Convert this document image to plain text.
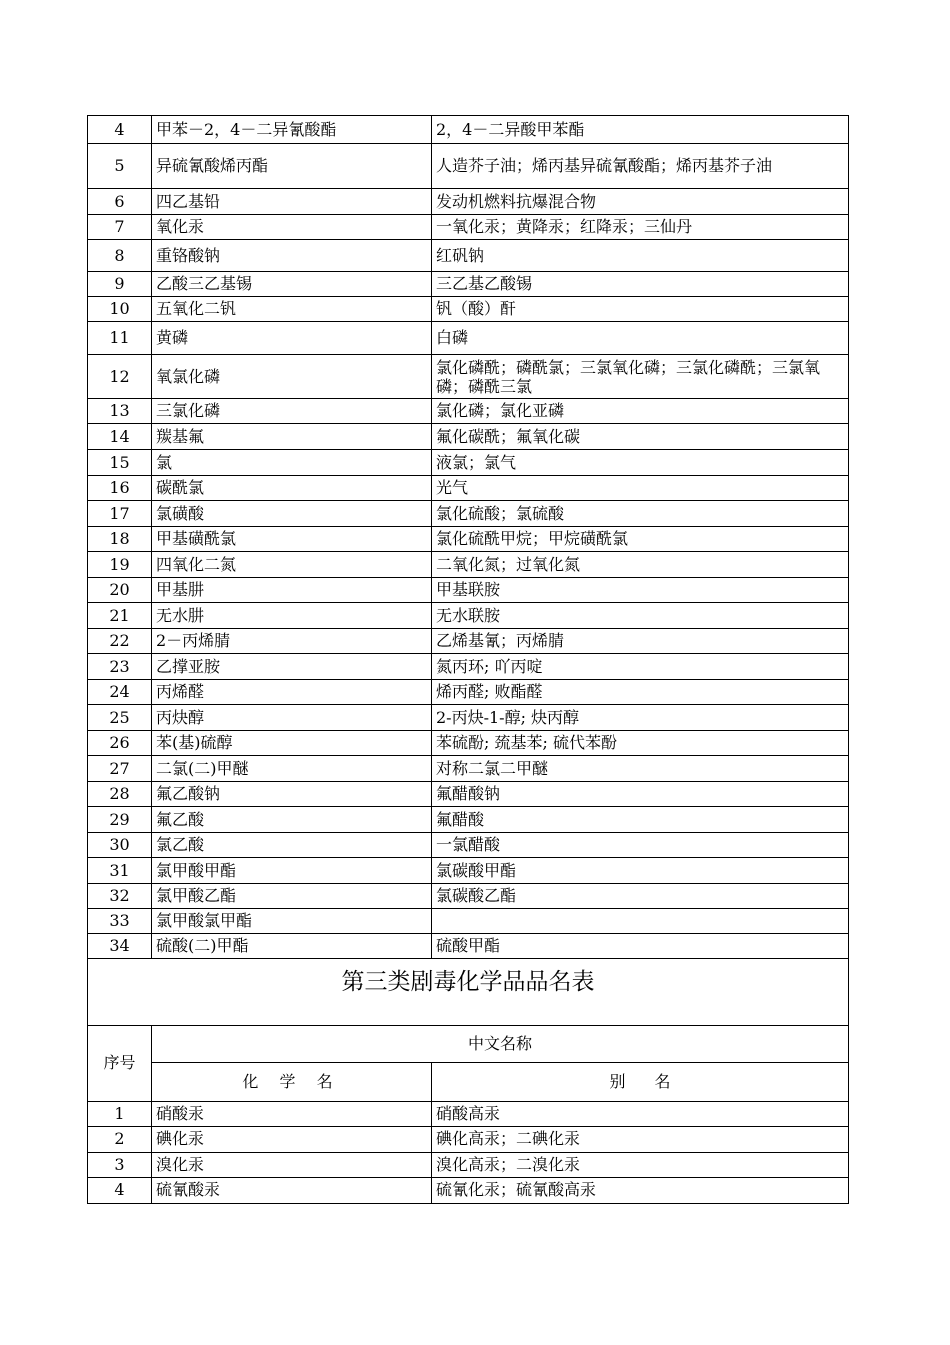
4	甲苯－2，4－二异氰酸酯	2，4－二异酸甲苯酯
5	异硫氰酸烯丙酯	人造芥子油；烯丙基异硫氰酸酯；烯丙基芥子油
6	四乙基铅	发动机燃料抗爆混合物
7	氧化汞	一氧化汞；黄降汞；红降汞；三仙丹
8	重铬酸钠	红矾钠
9	乙酸三乙基锡	三乙基乙酸锡
10	五氧化二钒	钒（酸）酐
11	黄磷	白磷
12	氧氯化磷	氯化磷酰；磷酰氯；三氯氧化磷；三氯化磷酰；三氯氧磷；磷酰三氯
13	三氯化磷	氯化磷；氯化亚磷
14	羰基氟	氟化碳酰；氟氧化碳
15	氯	液氯；氯气
16	碳酰氯	光气
17	氯磺酸	氯化硫酸；氯硫酸
18	甲基磺酰氯	氯化硫酰甲烷；甲烷磺酰氯
19	四氧化二氮	二氧化氮；过氧化氮
20	甲基肼	甲基联胺
21	无水肼	无水联胺
22	2－丙烯腈	乙烯基氰；丙烯腈
23	乙撑亚胺	氮丙环; 吖丙啶
24	丙烯醛	烯丙醛; 败酯醛
25	丙炔醇	2-丙炔-1-醇; 炔丙醇
26	苯(基)硫醇	苯硫酚; 巯基苯; 硫代苯酚
27	二氯(二)甲醚	对称二氯二甲醚
28	氟乙酸钠	氟醋酸钠
29	氟乙酸	氟醋酸
30	氯乙酸	一氯醋酸
31	氯甲酸甲酯	氯碳酸甲酯
32	氯甲酸乙酯	氯碳酸乙酯
33	氯甲酸氯甲酯	
34	硫酸(二)甲酯	硫酸甲酯
第三类剧毒化学品品名表		

序号	中文名称	
	化 学 名	别 名
1	硝酸汞	硝酸高汞
2	碘化汞	碘化高汞；二碘化汞
3	溴化汞	溴化高汞；二溴化汞
4	硫氰酸汞	硫氰化汞；硫氰酸高汞
